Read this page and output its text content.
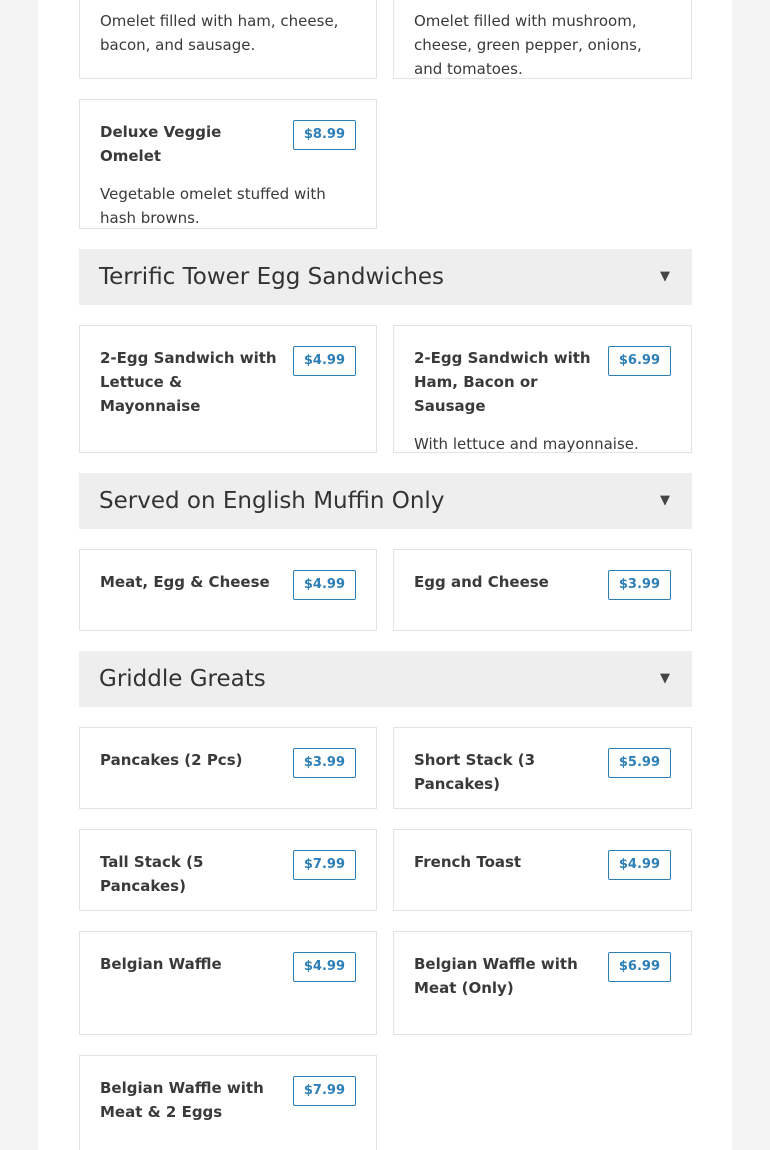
Omelet filled with ham, cheese, bacon, and sausage.
Omelet filled with mushroom, cheese, green pepper, onions, and tomatoes.
Deluxe Veggie Omelet
$8.99
Vegetable omelet stuffed with hash browns.
Terrific Tower Egg Sandwiches	▼
2-Egg Sandwich with Lettuce & Mayonnaise
$4.99	2-Egg Sandwich with Ham, Bacon or Sausage
$6.99
With lettuce and mayonnaise.
Served on English Muffin Only	▼
Meat, Egg & Cheese	$4.99	Egg and Cheese	$3.99
Griddle Greats	▼
Pancakes (2 Pcs)	$3.99	Short Stack (3 Pancakes)
$5.99
Tall Stack (5 Pancakes)
$7.99	French Toast	$4.99
Belgian Waffle	$4.99	Belgian Waffle with Meat (Only)
$6.99
Belgian Waffle with Meat & 2 Eggs
$7.99
